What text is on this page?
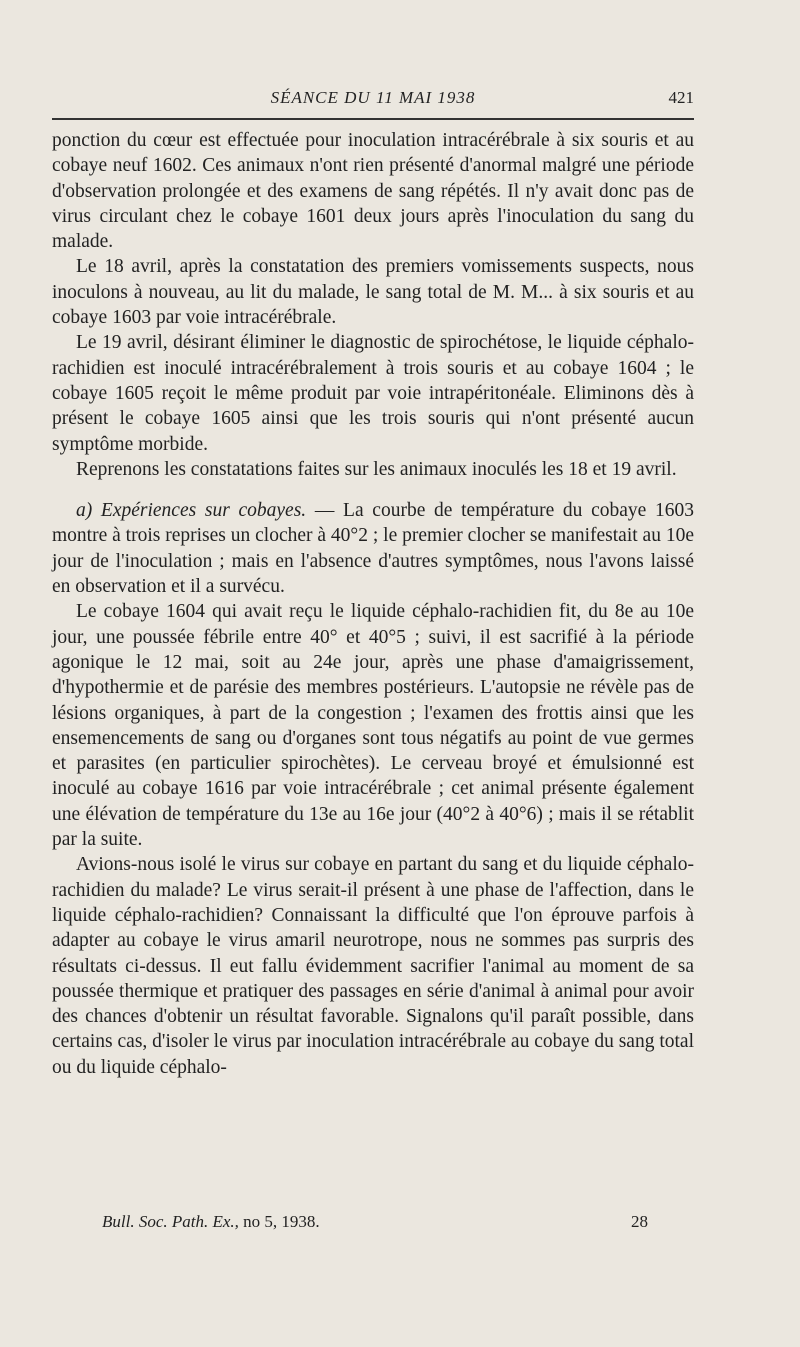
SÉANCE DU 11 MAI 1938	421

ponction du cœur est effectuée pour inoculation intracérébrale à six souris et au cobaye neuf 1602. Ces animaux n'ont rien présenté d'anormal malgré une période d'observation prolongée et des examens de sang répétés. Il n'y avait donc pas de virus circulant chez le cobaye 1601 deux jours après l'inoculation du sang du malade.

Le 18 avril, après la constatation des premiers vomissements suspects, nous inoculons à nouveau, au lit du malade, le sang total de M. M... à six souris et au cobaye 1603 par voie intracérébrale.

Le 19 avril, désirant éliminer le diagnostic de spirochétose, le liquide céphalo-rachidien est inoculé intracérébralement à trois souris et au cobaye 1604 ; le cobaye 1605 reçoit le même produit par voie intrapéritonéale. Eliminons dès à présent le cobaye 1605 ainsi que les trois souris qui n'ont présenté aucun symptôme morbide.

Reprenons les constatations faites sur les animaux inoculés les 18 et 19 avril.

a) Expériences sur cobayes. — La courbe de température du cobaye 1603 montre à trois reprises un clocher à 40°2 ; le premier clocher se manifestait au 10e jour de l'inoculation ; mais en l'absence d'autres symptômes, nous l'avons laissé en observation et il a survécu.

Le cobaye 1604 qui avait reçu le liquide céphalo-rachidien fit, du 8e au 10e jour, une poussée fébrile entre 40° et 40°5 ; suivi, il est sacrifié à la période agonique le 12 mai, soit au 24e jour, après une phase d'amaigrissement, d'hypothermie et de parésie des membres postérieurs. L'autopsie ne révèle pas de lésions organiques, à part de la congestion ; l'examen des frottis ainsi que les ensemencements de sang ou d'organes sont tous négatifs au point de vue germes et parasites (en particulier spirochètes). Le cerveau broyé et émulsionné est inoculé au cobaye 1616 par voie intracérébrale ; cet animal présente également une élévation de température du 13e au 16e jour (40°2 à 40°6) ; mais il se rétablit par la suite.

Avions-nous isolé le virus sur cobaye en partant du sang et du liquide céphalo-rachidien du malade? Le virus serait-il présent à une phase de l'affection, dans le liquide céphalo-rachidien? Connaissant la difficulté que l'on éprouve parfois à adapter au cobaye le virus amaril neurotrope, nous ne sommes pas surpris des résultats ci-dessus. Il eut fallu évidemment sacrifier l'animal au moment de sa poussée thermique et pratiquer des passages en série d'animal à animal pour avoir des chances d'obtenir un résultat favorable. Signalons qu'il paraît possible, dans certains cas, d'isoler le virus par inoculation intracérébrale au cobaye du sang total ou du liquide céphalo-

Bull. Soc. Path. Ex., no 5, 1938.	28
